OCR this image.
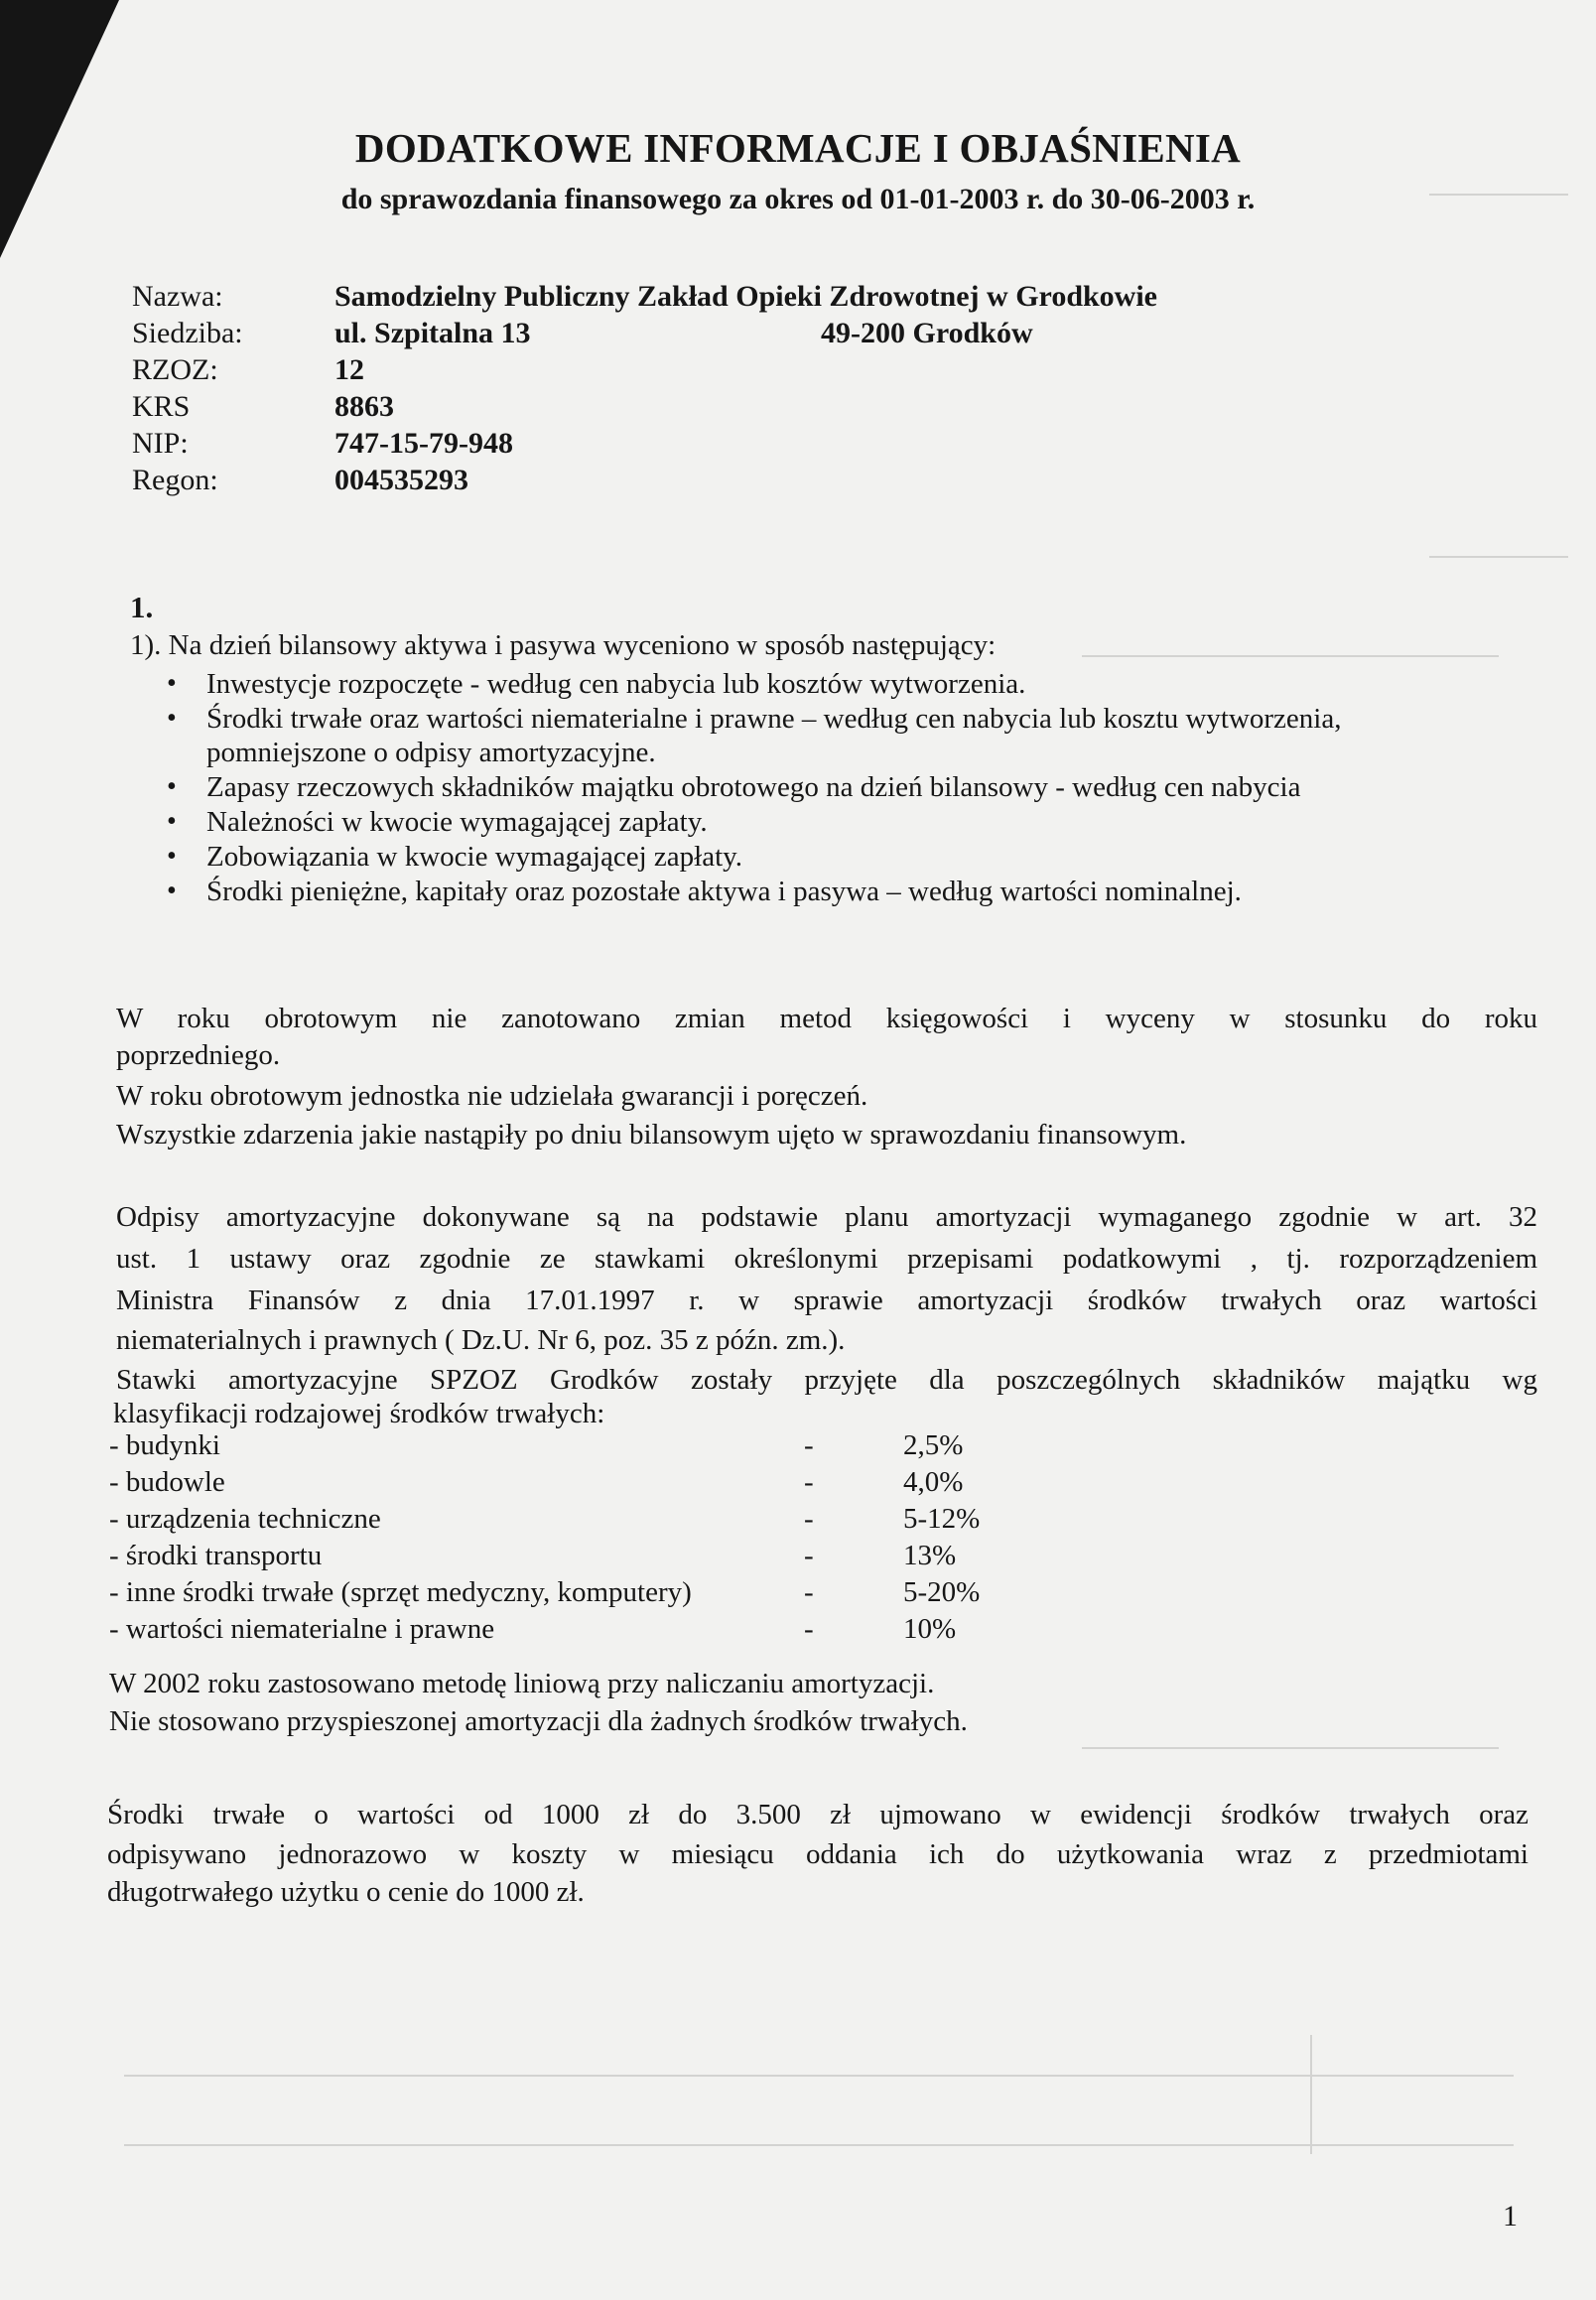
DODATKOWE INFORMACJE I OBJAŚNIENIA
do sprawozdania finansowego za okres od 01-01-2003 r. do 30-06-2003 r.
Nazwa:	Samodzielny Publiczny Zakład Opieki Zdrowotnej w Grodkowie
Siedziba:	ul. Szpitalna 13	49-200 Grodków
RZOZ:	12
KRS	8863
NIP:	747-15-79-948
Regon:	004535293
1.
1). Na dzień bilansowy aktywa i pasywa wyceniono w sposób następujący:
• Inwestycje rozpoczęte - według cen nabycia lub kosztów wytworzenia.
• Środki trwałe oraz wartości niematerialne i prawne – według cen nabycia lub kosztu wytworzenia,
pomniejszone o odpisy amortyzacyjne.
• Zapasy rzeczowych składników majątku obrotowego na dzień bilansowy - według cen nabycia
• Należności w kwocie wymagającej zapłaty.
• Zobowiązania w kwocie wymagającej zapłaty.
• Środki pieniężne, kapitały oraz pozostałe aktywa i pasywa – według wartości nominalnej.
W roku obrotowym nie zanotowano zmian metod księgowości i wyceny w stosunku do roku
poprzedniego.
W roku obrotowym jednostka nie udzielała gwarancji i poręczeń.
Wszystkie zdarzenia jakie nastąpiły po dniu bilansowym ujęto w sprawozdaniu finansowym.
Odpisy amortyzacyjne dokonywane są na podstawie planu amortyzacji wymaganego zgodnie w art. 32
ust. 1 ustawy oraz zgodnie ze stawkami określonymi przepisami podatkowymi , tj. rozporządzeniem
Ministra Finansów z dnia 17.01.1997 r. w sprawie amortyzacji środków trwałych oraz wartości
niematerialnych i prawnych ( Dz.U. Nr 6, poz. 35 z późn. zm.).
Stawki amortyzacyjne SPZOZ Grodków zostały przyjęte dla poszczególnych składników majątku wg
klasyfikacji rodzajowej środków trwałych:
- budynki	-	2,5%
- budowle	-	4,0%
- urządzenia techniczne	-	5-12%
- środki transportu	-	13%
- inne środki trwałe (sprzęt medyczny, komputery)	-	5-20%
- wartości niematerialne i prawne	-	10%
W 2002 roku zastosowano metodę liniową przy naliczaniu amortyzacji.
Nie stosowano przyspieszonej amortyzacji dla żadnych środków trwałych.
Środki trwałe o wartości od 1000 zł do 3.500 zł ujmowano w ewidencji środków trwałych oraz
odpisywano jednorazowo w koszty w miesiącu oddania ich do użytkowania wraz z przedmiotami
długotrwałego użytku o cenie do 1000 zł.
1
